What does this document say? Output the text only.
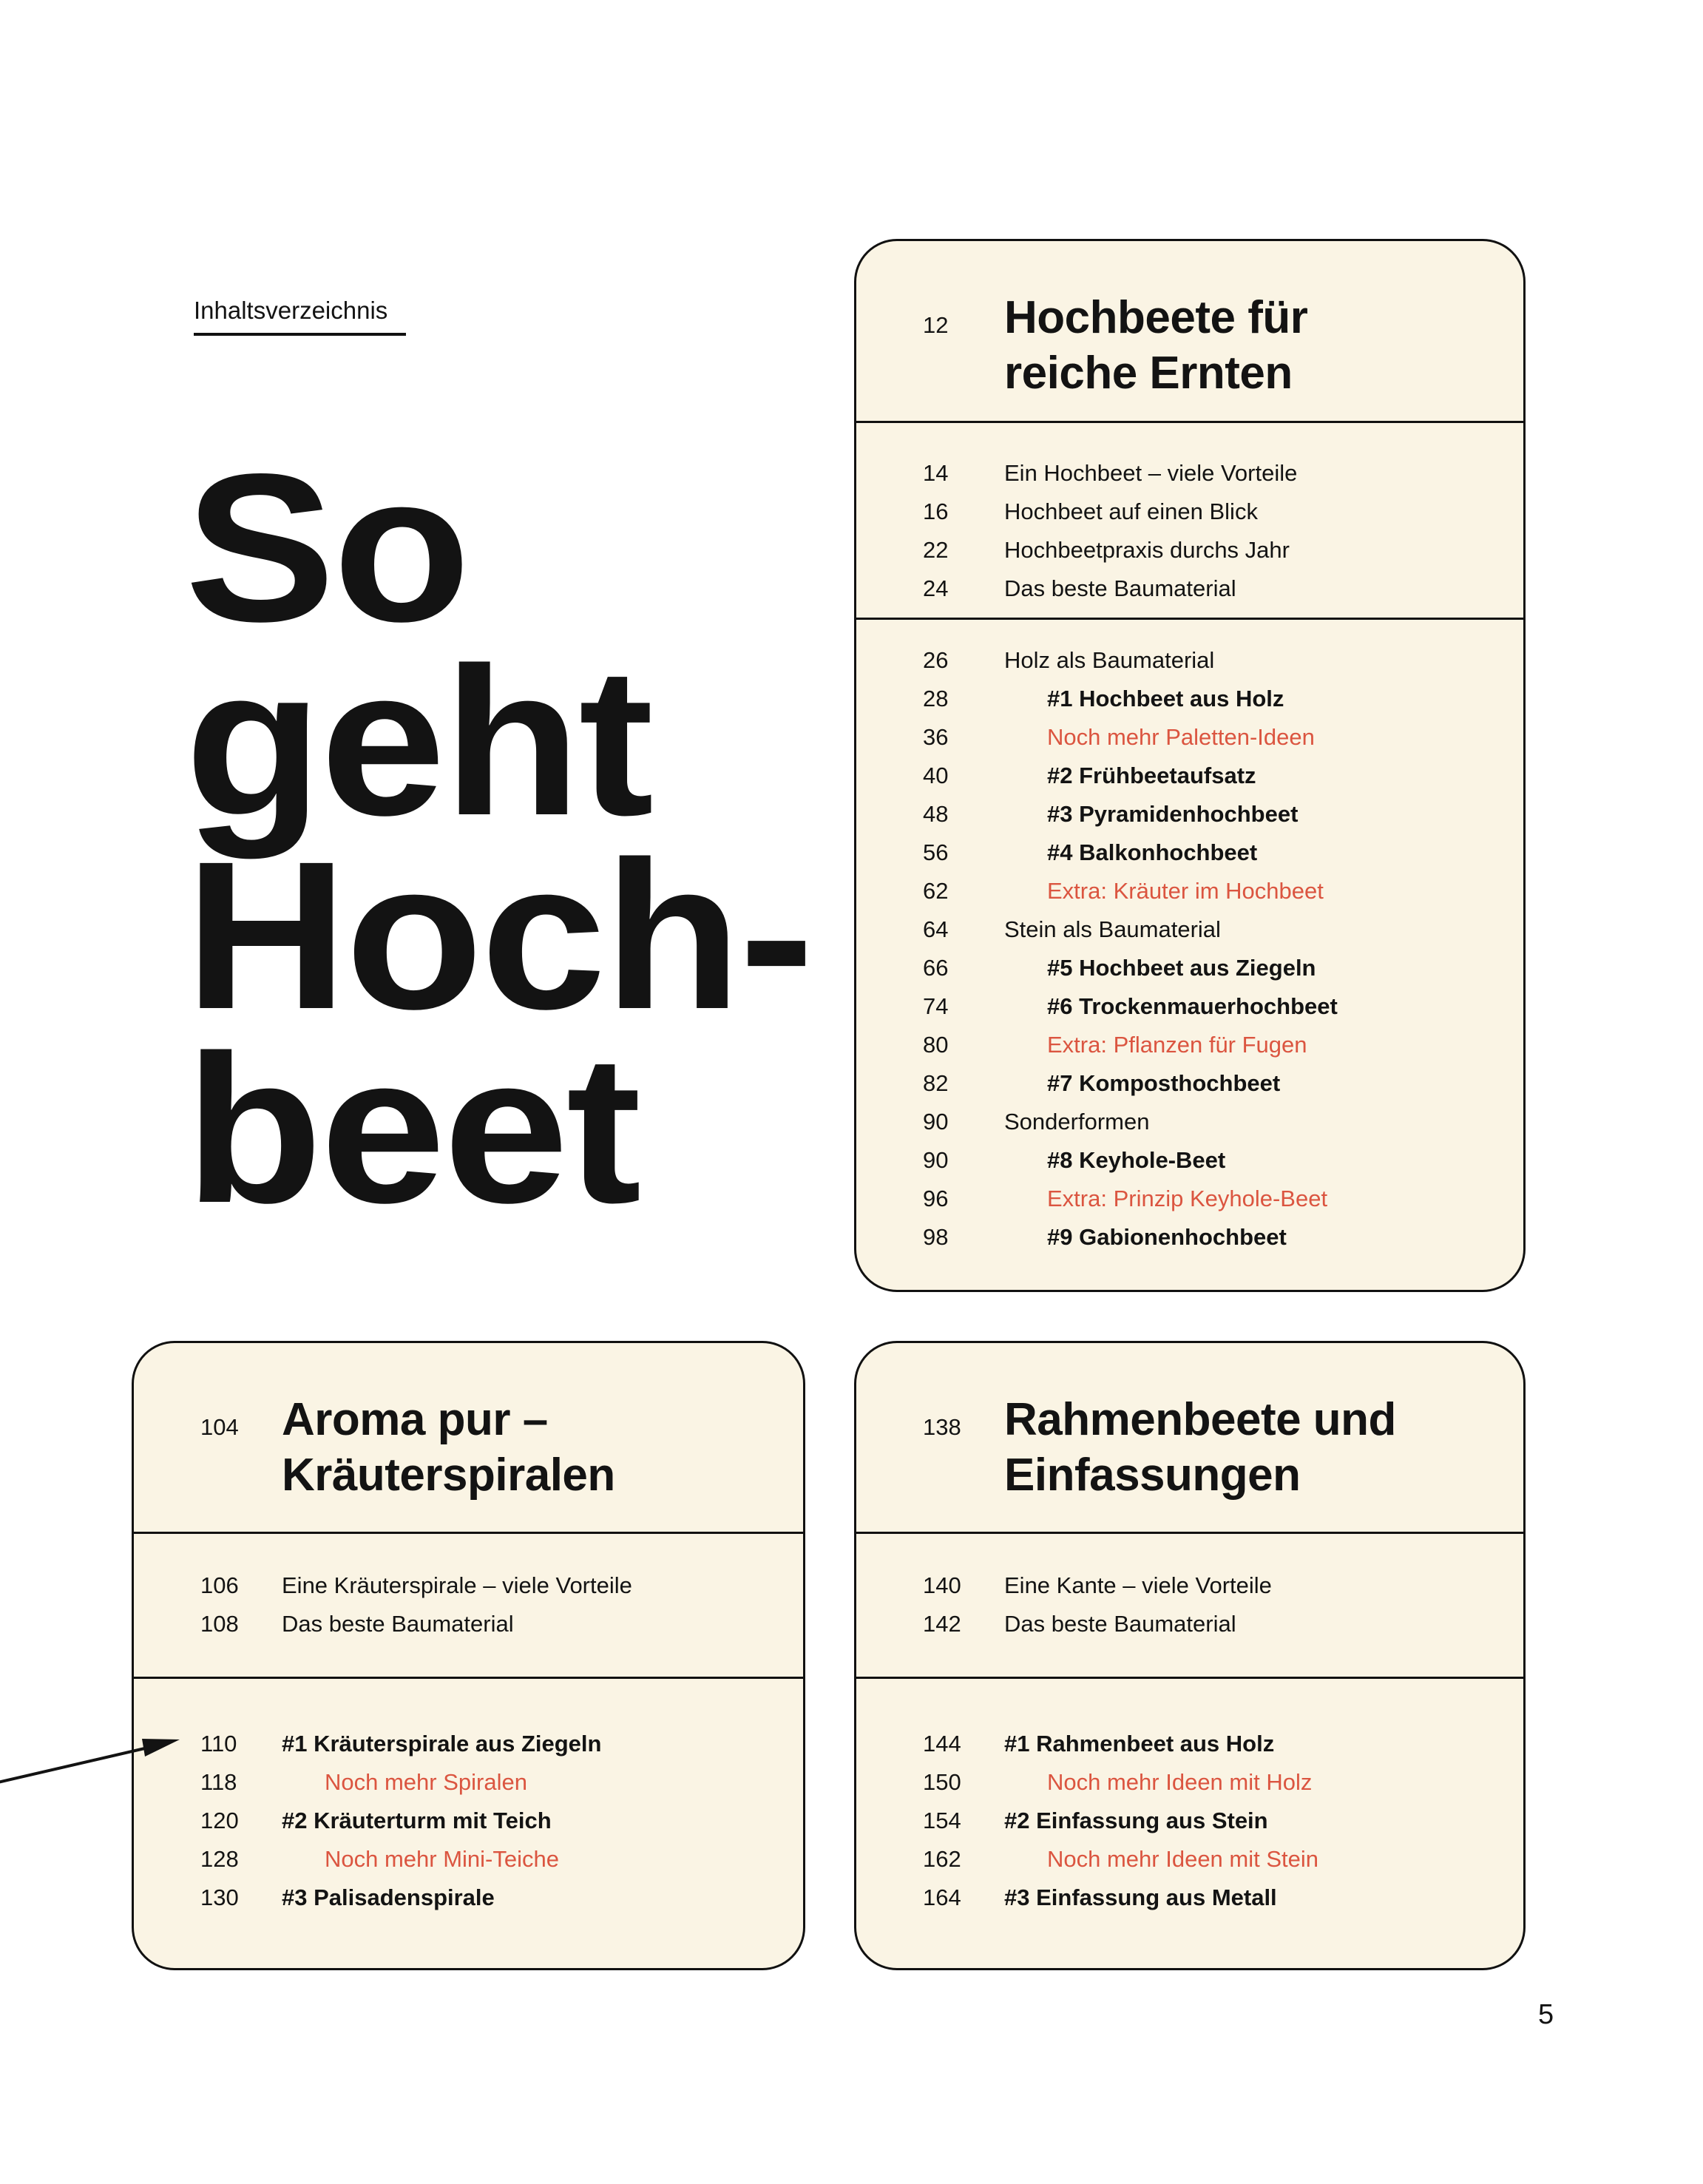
Inhaltsverzeichnis
So
geht
Hoch-
beet
12	Hochbeete für
reiche Ernten
14	Ein Hochbeet – viele Vorteile
16	Hochbeet auf einen Blick
22	Hochbeetpraxis durchs Jahr
24	Das beste Baumaterial
26	Holz als Baumaterial
28	#1 Hochbeet aus Holz
36	Noch mehr Paletten-Ideen
40	#2 Frühbeetaufsatz
48	#3 Pyramidenhochbeet
56	#4 Balkonhochbeet
62	Extra: Kräuter im Hochbeet
64	Stein als Baumaterial
66	#5 Hochbeet aus Ziegeln
74	#6 Trockenmauerhochbeet
80	Extra: Pflanzen für Fugen
82	#7 Komposthochbeet
90	Sonderformen
90	#8 Keyhole-Beet
96	Extra: Prinzip Keyhole-Beet
98	#9 Gabionenhochbeet
104 Aroma pur –
Kräuterspiralen
106	Eine Kräuterspirale – viele Vorteile
108	Das beste Baumaterial
110	#1 Kräuterspirale aus Ziegeln
118	Noch mehr Spiralen
120	#2 Kräuterturm mit Teich
128	Noch mehr Mini-Teiche
130	#3 Palisadenspirale
138 Rahmenbeete und
Einfassungen
140	Eine Kante – viele Vorteile
142	Das beste Baumaterial
144	#1 Rahmenbeet aus Holz
150	Noch mehr Ideen mit Holz
154	#2 Einfassung aus Stein
162	Noch mehr Ideen mit Stein
164	#3 Einfassung aus Metall
5
